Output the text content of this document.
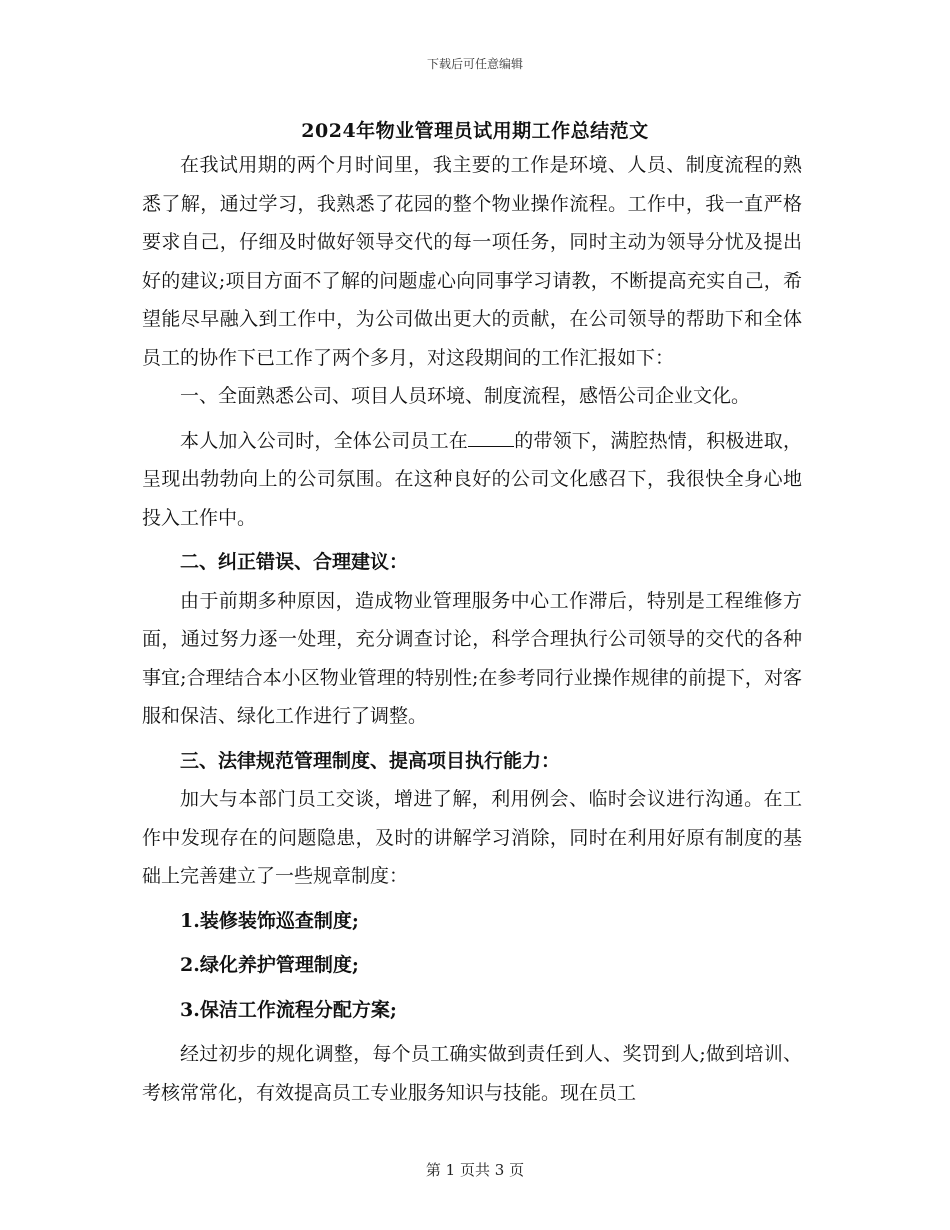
下载后可任意编辑
2024年物业管理员试用期工作总结范文

在我试用期的两个月时间里，我主要的工作是环境、人员、制度流程的熟悉了解，通过学习，我熟悉了花园的整个物业操作流程。工作中，我一直严格要求自己，仔细及时做好领导交代的每一项任务，同时主动为领导分忧及提出好的建议;项目方面不了解的问题虚心向同事学习请教，不断提高充实自己，希望能尽早融入到工作中，为公司做出更大的贡献，在公司领导的帮助下和全体员工的协作下已工作了两个多月，对这段期间的工作汇报如下：

一、全面熟悉公司、项目人员环境、制度流程，感悟公司企业文化。

本人加入公司时，全体公司员工在 的带领下，满腔热情，积极进取，呈现出勃勃向上的公司氛围。在这种良好的公司文化感召下，我很快全身心地投入工作中。

二、纠正错误、合理建议：

由于前期多种原因，造成物业管理服务中心工作滞后，特别是工程维修方面，通过努力逐一处理，充分调查讨论，科学合理执行公司领导的交代的各种事宜;合理结合本小区物业管理的特别性;在参考同行业操作规律的前提下，对客服和保洁、绿化工作进行了调整。

三、法律规范管理制度、提高项目执行能力：

加大与本部门员工交谈，增进了解，利用例会、临时会议进行沟通。在工作中发现存在的问题隐患，及时的讲解学习消除，同时在利用好原有制度的基础上完善建立了一些规章制度：

1.装修装饰巡查制度;

2.绿化养护管理制度;

3.保洁工作流程分配方案;

经过初步的规化调整，每个员工确实做到责任到人、奖罚到人;做到培训、考核常常化，有效提高员工专业服务知识与技能。现在员工

第 1 页共 3 页
